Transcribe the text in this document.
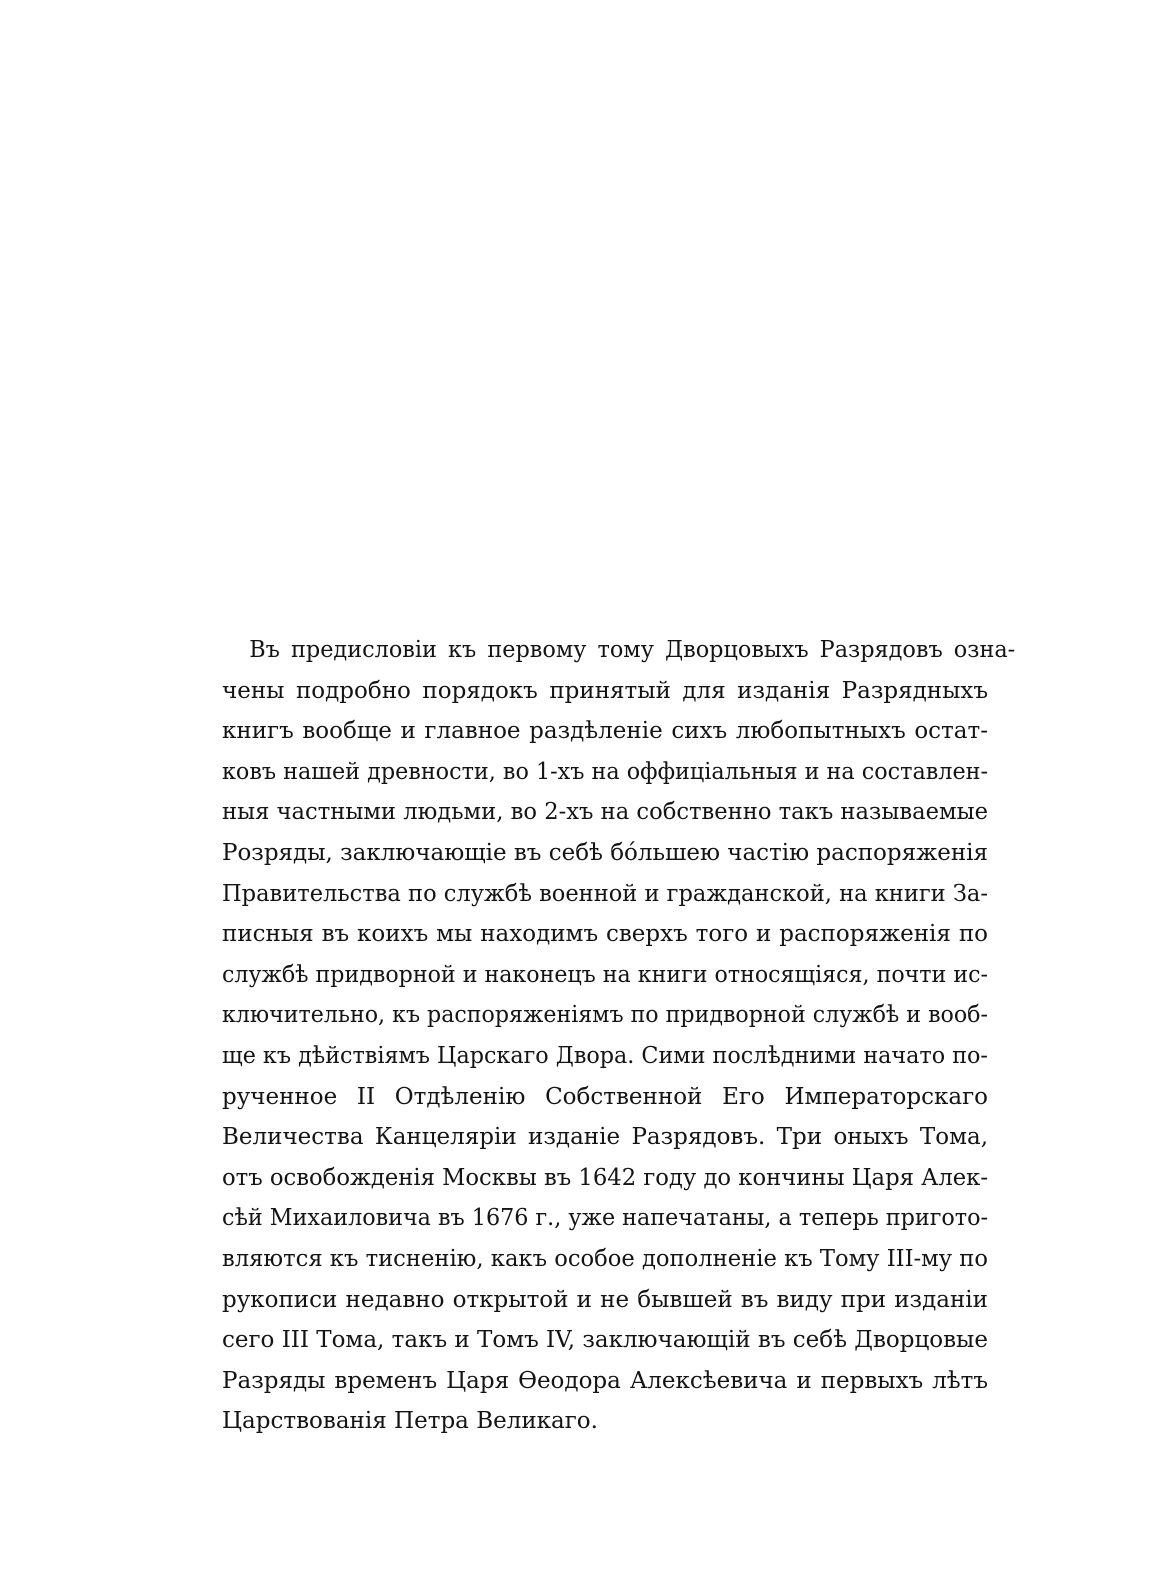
Въ предисловіи къ первому тому Дворцовыхъ Разрядовъ озна-
чены подробно порядокъ принятый для изданія Разрядныхъ
книгъ вообще и главное раздѣленіе сихъ любопытныхъ остат-
ковъ нашей древности, во 1-хъ на оффиціальныя и на составлен-
ныя частными людьми, во 2-хъ на собственно такъ называемые
Розряды, заключающіе въ себѣ бóльшею частію распоряженія
Правительства по службѣ военной и гражданской, на книги За-
писныя въ коихъ мы находимъ сверхъ того и распоряженія по
службѣ придворной и наконецъ на книги относящіяся, почти ис-
ключительно, къ распоряженіямъ по придворной службѣ и вооб-
ще къ дѣйствіямъ Царскаго Двора. Сими послѣдними начато по-
рученное II Отдѣленію Собственной Его Императорскаго
Величества Канцеляріи изданіе Разрядовъ. Три оныхъ Тома,
отъ освобожденія Москвы въ 1642 году до кончины Царя Алек-
сѣй Михаиловича въ 1676 г., уже напечатаны, а теперь пригото-
вляются къ тисненію, какъ особое дополненіе къ Тому III-му по
рукописи недавно открытой и не бывшей въ виду при изданіи
сего III Тома, такъ и Томъ IV, заключающій въ себѣ Дворцовые
Разряды временъ Царя Ѳеодора Алексѣевича и первыхъ лѣтъ
Царствованія Петра Великаго.
